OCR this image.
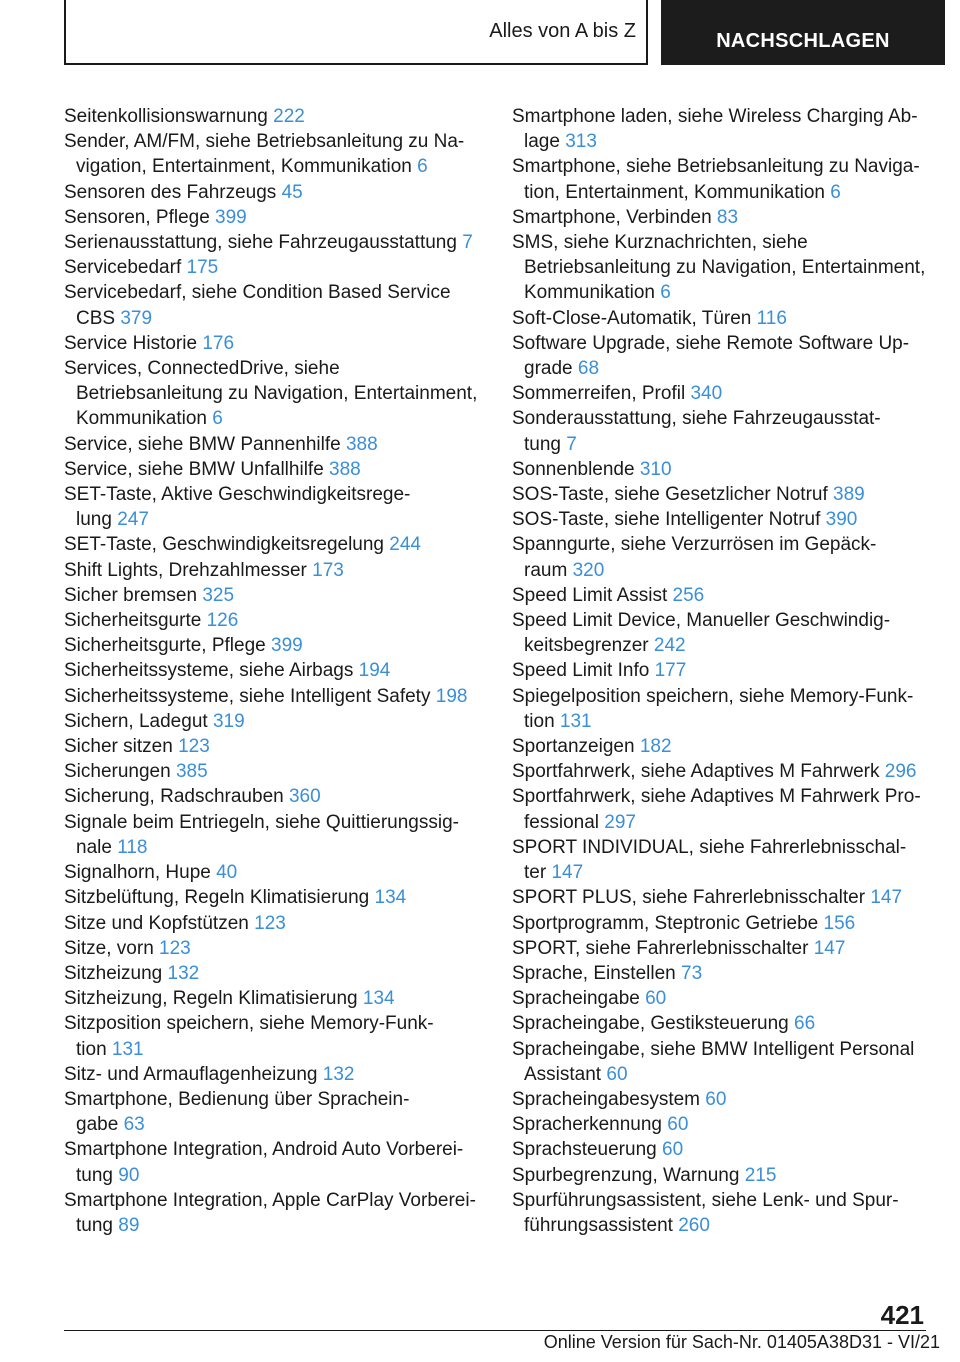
Alles von A bis Z	NACHSCHLAGEN
Seitenkollisionswarnung 222
Sender, AM/FM, siehe Betriebsanleitung zu Na-
vigation, Entertainment, Kommunikation 6
Sensoren des Fahrzeugs 45
Sensoren, Pflege 399
Serienausstattung, siehe Fahrzeugausstattung 7
Servicebedarf 175
Servicebedarf, siehe Condition Based Service
CBS 379
Service Historie 176
Services, ConnectedDrive, siehe
Betriebsanleitung zu Navigation, Entertainment,
Kommunikation 6
Service, siehe BMW Pannenhilfe 388
Service, siehe BMW Unfallhilfe 388
SET-Taste, Aktive Geschwindigkeitsrege-
lung 247
SET-Taste, Geschwindigkeitsregelung 244
Shift Lights, Drehzahlmesser 173
Sicher bremsen 325
Sicherheitsgurte 126
Sicherheitsgurte, Pflege 399
Sicherheitssysteme, siehe Airbags 194
Sicherheitssysteme, siehe Intelligent Safety 198
Sichern, Ladegut 319
Sicher sitzen 123
Sicherungen 385
Sicherung, Radschrauben 360
Signale beim Entriegeln, siehe Quittierungssig-
nale 118
Signalhorn, Hupe 40
Sitzbelüftung, Regeln Klimatisierung 134
Sitze und Kopfstützen 123
Sitze, vorn 123
Sitzheizung 132
Sitzheizung, Regeln Klimatisierung 134
Sitzposition speichern, siehe Memory-Funk-
tion 131
Sitz- und Armauflagenheizung 132
Smartphone, Bedienung über Sprachein-
gabe 63
Smartphone Integration, Android Auto Vorberei-
tung 90
Smartphone Integration, Apple CarPlay Vorberei-
tung 89
Smartphone laden, siehe Wireless Charging Ab-
lage 313
Smartphone, siehe Betriebsanleitung zu Naviga-
tion, Entertainment, Kommunikation 6
Smartphone, Verbinden 83
SMS, siehe Kurznachrichten, siehe
Betriebsanleitung zu Navigation, Entertainment,
Kommunikation 6
Soft-Close-Automatik, Türen 116
Software Upgrade, siehe Remote Software Up-
grade 68
Sommerreifen, Profil 340
Sonderausstattung, siehe Fahrzeugausstat-
tung 7
Sonnenblende 310
SOS-Taste, siehe Gesetzlicher Notruf 389
SOS-Taste, siehe Intelligenter Notruf 390
Spanngurte, siehe Verzurrösen im Gepäck-
raum 320
Speed Limit Assist 256
Speed Limit Device, Manueller Geschwindig-
keitsbegrenzer 242
Speed Limit Info 177
Spiegelposition speichern, siehe Memory-Funk-
tion 131
Sportanzeigen 182
Sportfahrwerk, siehe Adaptives M Fahrwerk 296
Sportfahrwerk, siehe Adaptives M Fahrwerk Pro-
fessional 297
SPORT INDIVIDUAL, siehe Fahrerlebnisschal-
ter 147
SPORT PLUS, siehe Fahrerlebnisschalter 147
Sportprogramm, Steptronic Getriebe 156
SPORT, siehe Fahrerlebnisschalter 147
Sprache, Einstellen 73
Spracheingabe 60
Spracheingabe, Gestiksteuerung 66
Spracheingabe, siehe BMW Intelligent Personal
Assistant 60
Spracheingabesystem 60
Spracherkennung 60
Sprachsteuerung 60
Spurbegrenzung, Warnung 215
Spurführungsassistent, siehe Lenk- und Spur-
führungsassistent 260
421
Online Version für Sach-Nr. 01405A38D31 - VI/21
